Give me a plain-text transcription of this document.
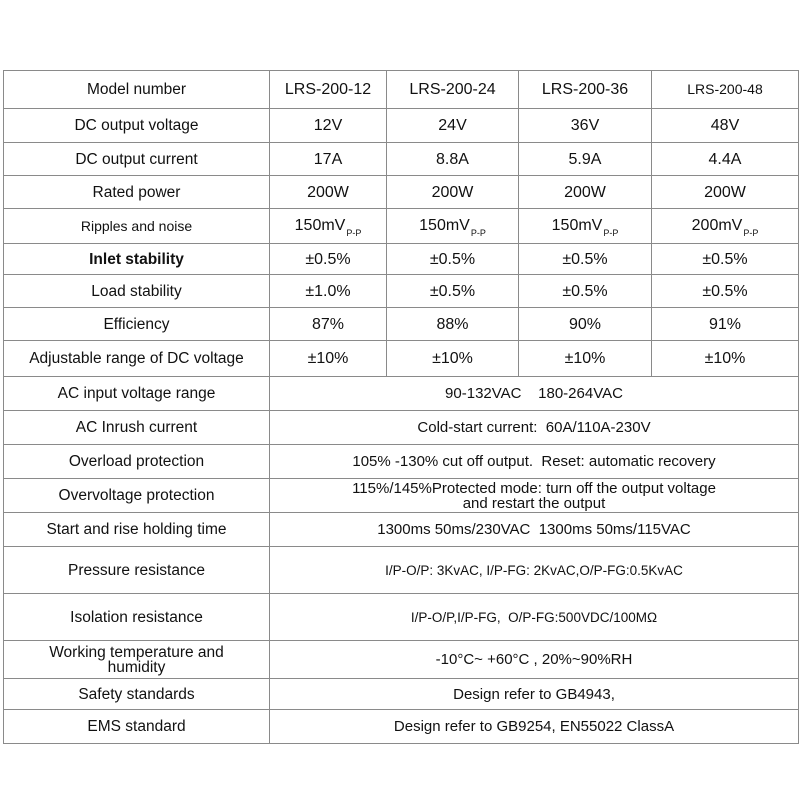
Model number	LRS-200-12	LRS-200-24	LRS-200-36	LRS-200-48
DC output voltage	12V	24V	36V	48V
DC output current	17A	8.8A	5.9A	4.4A
Rated power	200W	200W	200W	200W
Ripples and noise	$150mV_{P-P}$	$150mV_{P-P}$	$150mV_{P-P}$	$200mV_{P-P}$
Inlet stability	±0.5%	±0.5%	±0.5%	±0.5%
Load stability	±1.0%	±0.5%	±0.5%	±0.5%
Efficiency	87%	88%	90%	91%
Adjustable range of DC voltage	±10%	±10%	±10%	±10%
AC input voltage range	90-132VAC    180-264VAC			
AC Inrush current	Cold-start current:  60A/110A-230V			
Overload protection	105% -130% cut off output.  Reset: automatic recovery			
Overvoltage protection	115%/145%Protected mode: turn off the output voltage
and restart the output			

Start and rise holding time	1300ms 50ms/230VAC  1300ms 50ms/115VAC			
Pressure resistance	I/P-O/P: 3KvAC, I/P-FG: 2KvAC,O/P-FG:0.5KvAC			
Isolation resistance	I/P-O/P,I/P-FG,  O/P-FG:500VDC/100MΩ			

Working temperature and
humidity	-10°C~ +60°C , 20%~90%RH			
Safety standards	Design refer to GB4943,			
EMS standard	Design refer to GB9254, EN55022 ClassA			
